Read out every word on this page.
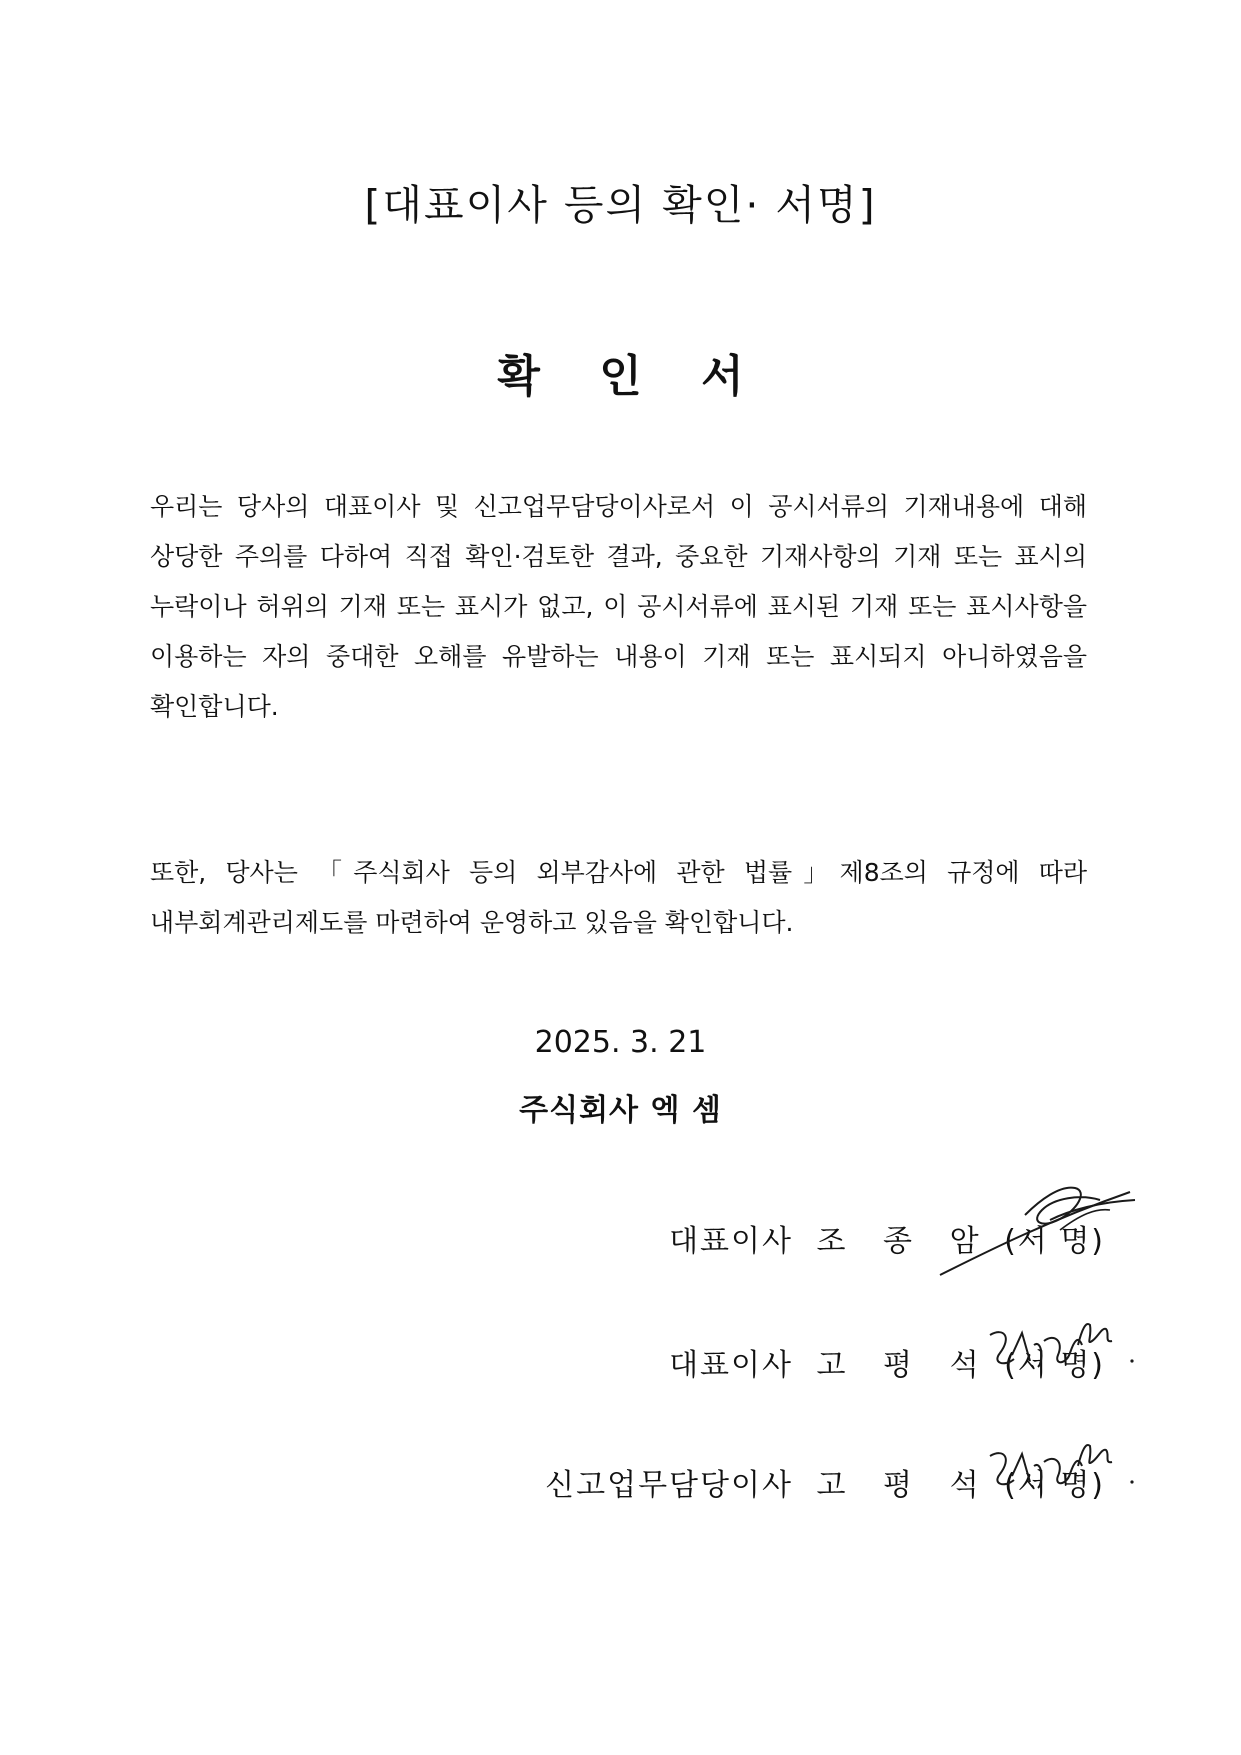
[대표이사 등의 확인· 서명]
확 인 서
우리는 당사의 대표이사 및 신고업무담당이사로서 이 공시서류의 기재내용에 대해 상당한 주의를 다하여 직접 확인·검토한 결과, 중요한 기재사항의 기재 또는 표시의 누락이나 허위의 기재 또는 표시가 없고, 이 공시서류에 표시된 기재 또는 표시사항을 이용하는 자의 중대한 오해를 유발하는 내용이 기재 또는 표시되지 아니하였음을 확인합니다.
또한, 당사는 「주식회사 등의 외부감사에 관한 법률」제8조의 규정에 따라 내부회계관리제도를 마련하여 운영하고 있음을 확인합니다.
2025. 3. 21
주식회사 엑 셈
대표이사 조 종 암 (서 명)
대표이사 고 평 석 (서 명)
신고업무담당이사 고 평 석 (서 명)
